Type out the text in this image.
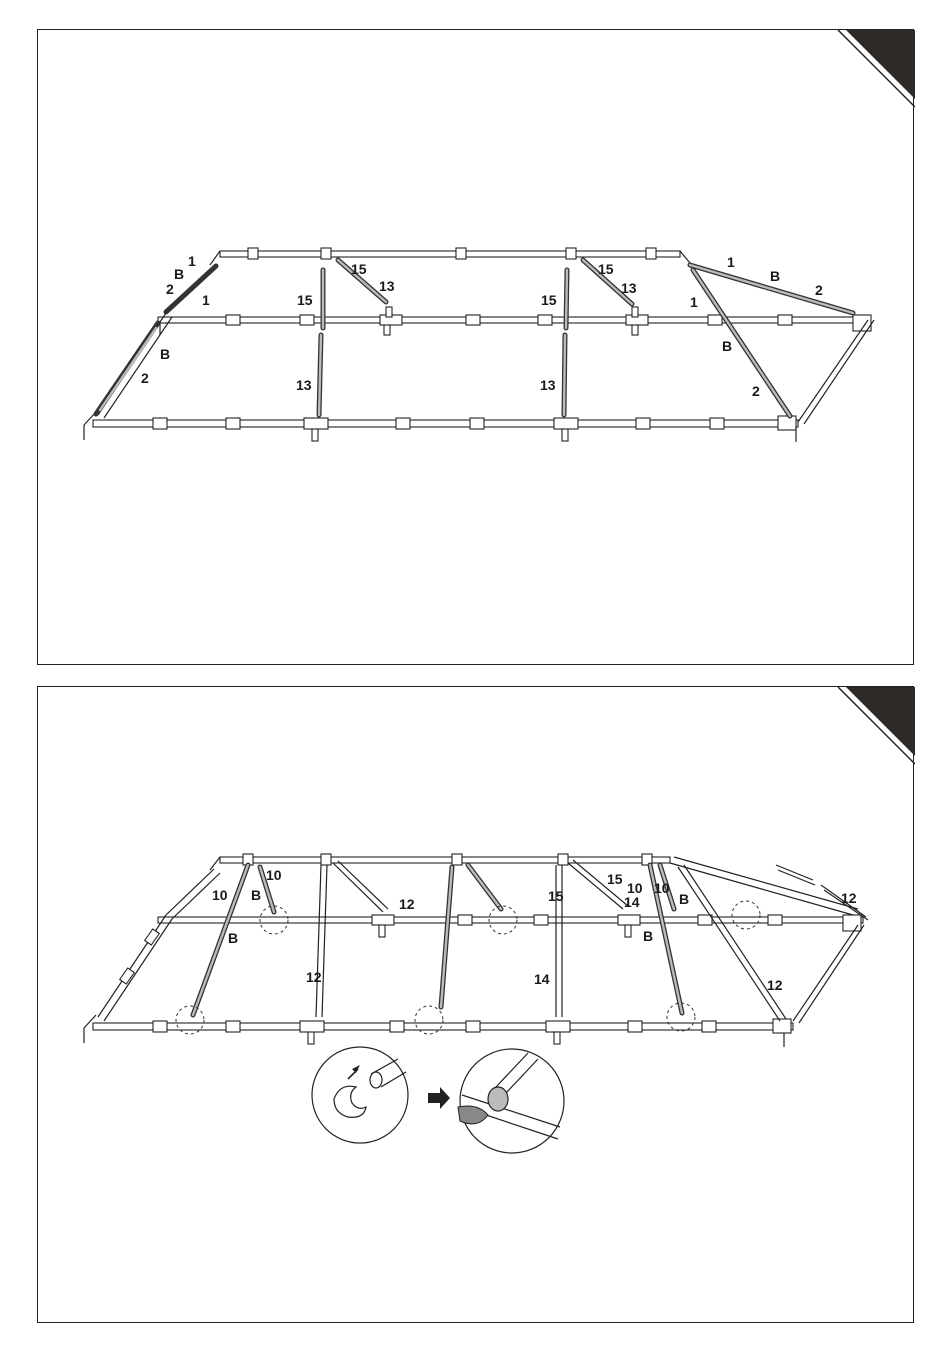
1
B
2
1
B
2
15
13
15
13	13
15
15
13
1
B
2
1
B
2
10
10 B
B
12
12
15
14
15
14
10 10
B
B
12
12
